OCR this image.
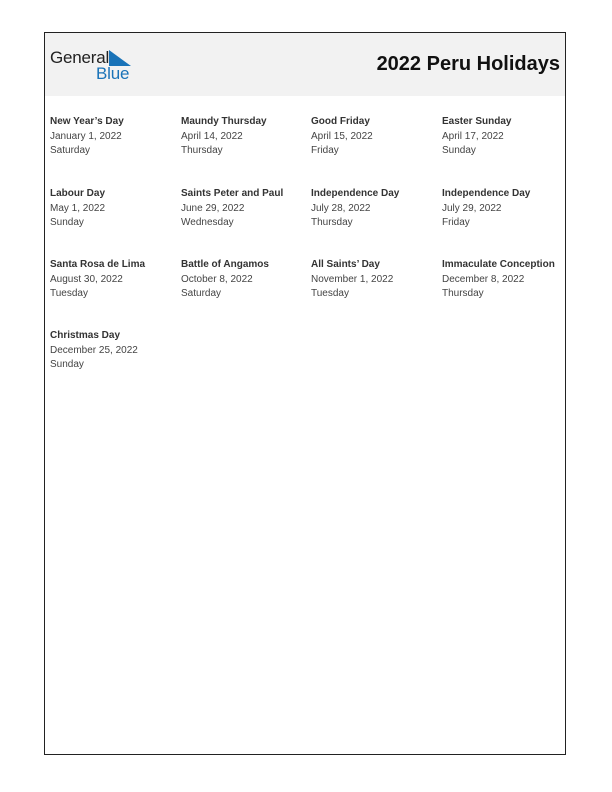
General
Blue	2022 Peru Holidays
New Year’s Day
January 1, 2022
Saturday
Maundy Thursday
April 14, 2022
Thursday
Good Friday
April 15, 2022
Friday
Easter Sunday
April 17, 2022
Sunday
Labour Day
May 1, 2022
Sunday
Saints Peter and Paul
June 29, 2022
Wednesday
Independence Day
July 28, 2022
Thursday
Independence Day
July 29, 2022
Friday
Santa Rosa de Lima
August 30, 2022
Tuesday
Battle of Angamos
October 8, 2022
Saturday
All Saints’ Day
November 1, 2022
Tuesday
Immaculate Conception
December 8, 2022
Thursday
Christmas Day
December 25, 2022
Sunday
